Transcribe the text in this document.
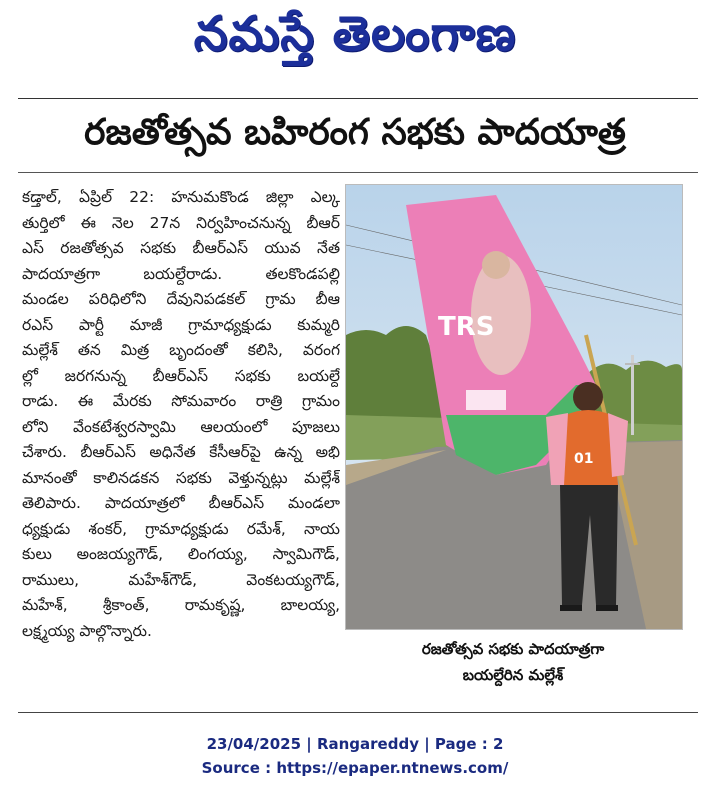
నమస్తే తెలంగాణ
రజతోత్సవ బహిరంగ సభకు పాదయాత్ర

కడ్తాల్, ఏప్రిల్ 22: హనుమకొండ జిల్లా ఎల్క

తుర్తిలో ఈ నెల 27న నిర్వహించనున్న బీఆర్

ఎస్ రజతోత్సవ సభకు బీఆర్ఎస్ యువ నేత

పాదయాత్రగా బయల్దేరాడు. తలకొండపల్లి

మండల పరిధిలోని దేవునిపడకల్ గ్రామ బీఆ

రఎస్ పార్టీ మాజీ గ్రామాధ్యక్షుడు కుమ్మరి

మల్లేశ్ తన మిత్ర బృందంతో కలిసి, వరంగ

ల్లో జరగనున్న బీఆర్ఎస్ సభకు బయల్దే

రాడు. ఈ మేరకు సోమవారం రాత్రి గ్రామం

లోని వేంకటేశ్వరస్వామి ఆలయంలో పూజలు

చేశారు. బీఆర్ఎస్ అధినేత కేసీఆర్‌పై ఉన్న అభి

మానంతో కాలినడకన సభకు వెళ్తున్నట్లు మల్లేశ్

తెలిపారు. పాదయాత్రలో బీఆర్ఎస్ మండలా

ధ్యక్షుడు శంకర్, గ్రామాధ్యక్షుడు రమేశ్, నాయ

కులు అంజయ్యగౌడ్, లింగయ్య, స్వామిగౌడ్,

రాములు, మహేశ్‌గౌడ్, వెంకటయ్యగౌడ్,

మహేశ్, శ్రీకాంత్, రామకృష్ణ, బాలయ్య,

లక్ష్మయ్య పాల్గొన్నారు.

TRS
01
రజతోత్సవ సభకు పాదయాత్రగా
బయల్దేరిన మల్లేశ్
23/04/2025 | Rangareddy | Page : 2
Source : https://epaper.ntnews.com/
